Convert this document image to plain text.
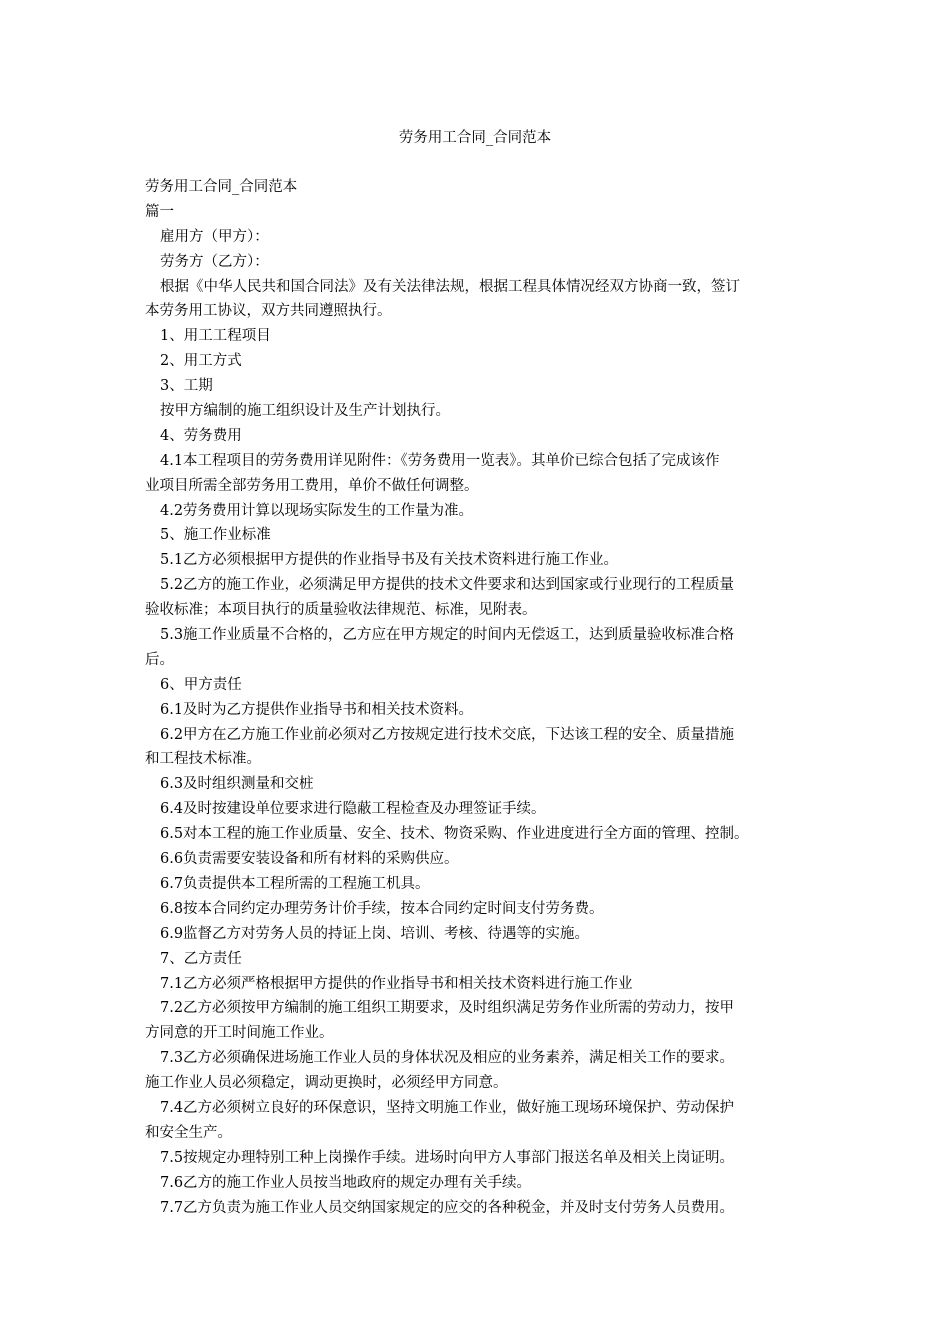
劳务用工合同_合同范本
劳务用工合同_合同范本
篇一
雇用方（甲方）：
劳务方（乙方）：
根据《中华人民共和国合同法》及有关法律法规，根据工程具体情况经双方协商一致，签订
本劳务用工协议，双方共同遵照执行。
1、用工工程项目
2、用工方式
3、工期
按甲方编制的施工组织设计及生产计划执行。
4、劳务费用
4.1本工程项目的劳务费用详见附件：《劳务费用一览表》。其单价已综合包括了完成该作
业项目所需全部劳务用工费用，单价不做任何调整。
4.2劳务费用计算以现场实际发生的工作量为准。
5、施工作业标准
5.1乙方必须根据甲方提供的作业指导书及有关技术资料进行施工作业。
5.2乙方的施工作业，必须满足甲方提供的技术文件要求和达到国家或行业现行的工程质量
验收标准；本项目执行的质量验收法律规范、标准，见附表。
5.3施工作业质量不合格的，乙方应在甲方规定的时间内无偿返工，达到质量验收标准合格
后。
6、甲方责任
6.1及时为乙方提供作业指导书和相关技术资料。
6.2甲方在乙方施工作业前必须对乙方按规定进行技术交底，下达该工程的安全、质量措施
和工程技术标准。
6.3及时组织测量和交桩
6.4及时按建设单位要求进行隐蔽工程检查及办理签证手续。
6.5对本工程的施工作业质量、安全、技术、物资采购、作业进度进行全方面的管理、控制。
6.6负责需要安装设备和所有材料的采购供应。
6.7负责提供本工程所需的工程施工机具。
6.8按本合同约定办理劳务计价手续，按本合同约定时间支付劳务费。
6.9监督乙方对劳务人员的持证上岗、培训、考核、待遇等的实施。
7、乙方责任
7.1乙方必须严格根据甲方提供的作业指导书和相关技术资料进行施工作业
7.2乙方必须按甲方编制的施工组织工期要求，及时组织满足劳务作业所需的劳动力，按甲
方同意的开工时间施工作业。
7.3乙方必须确保进场施工作业人员的身体状况及相应的业务素养，满足相关工作的要求。
施工作业人员必须稳定，调动更换时，必须经甲方同意。
7.4乙方必须树立良好的环保意识，坚持文明施工作业，做好施工现场环境保护、劳动保护
和安全生产。
7.5按规定办理特别工种上岗操作手续。进场时向甲方人事部门报送名单及相关上岗证明。
7.6乙方的施工作业人员按当地政府的规定办理有关手续。
7.7乙方负责为施工作业人员交纳国家规定的应交的各种税金，并及时支付劳务人员费用。
